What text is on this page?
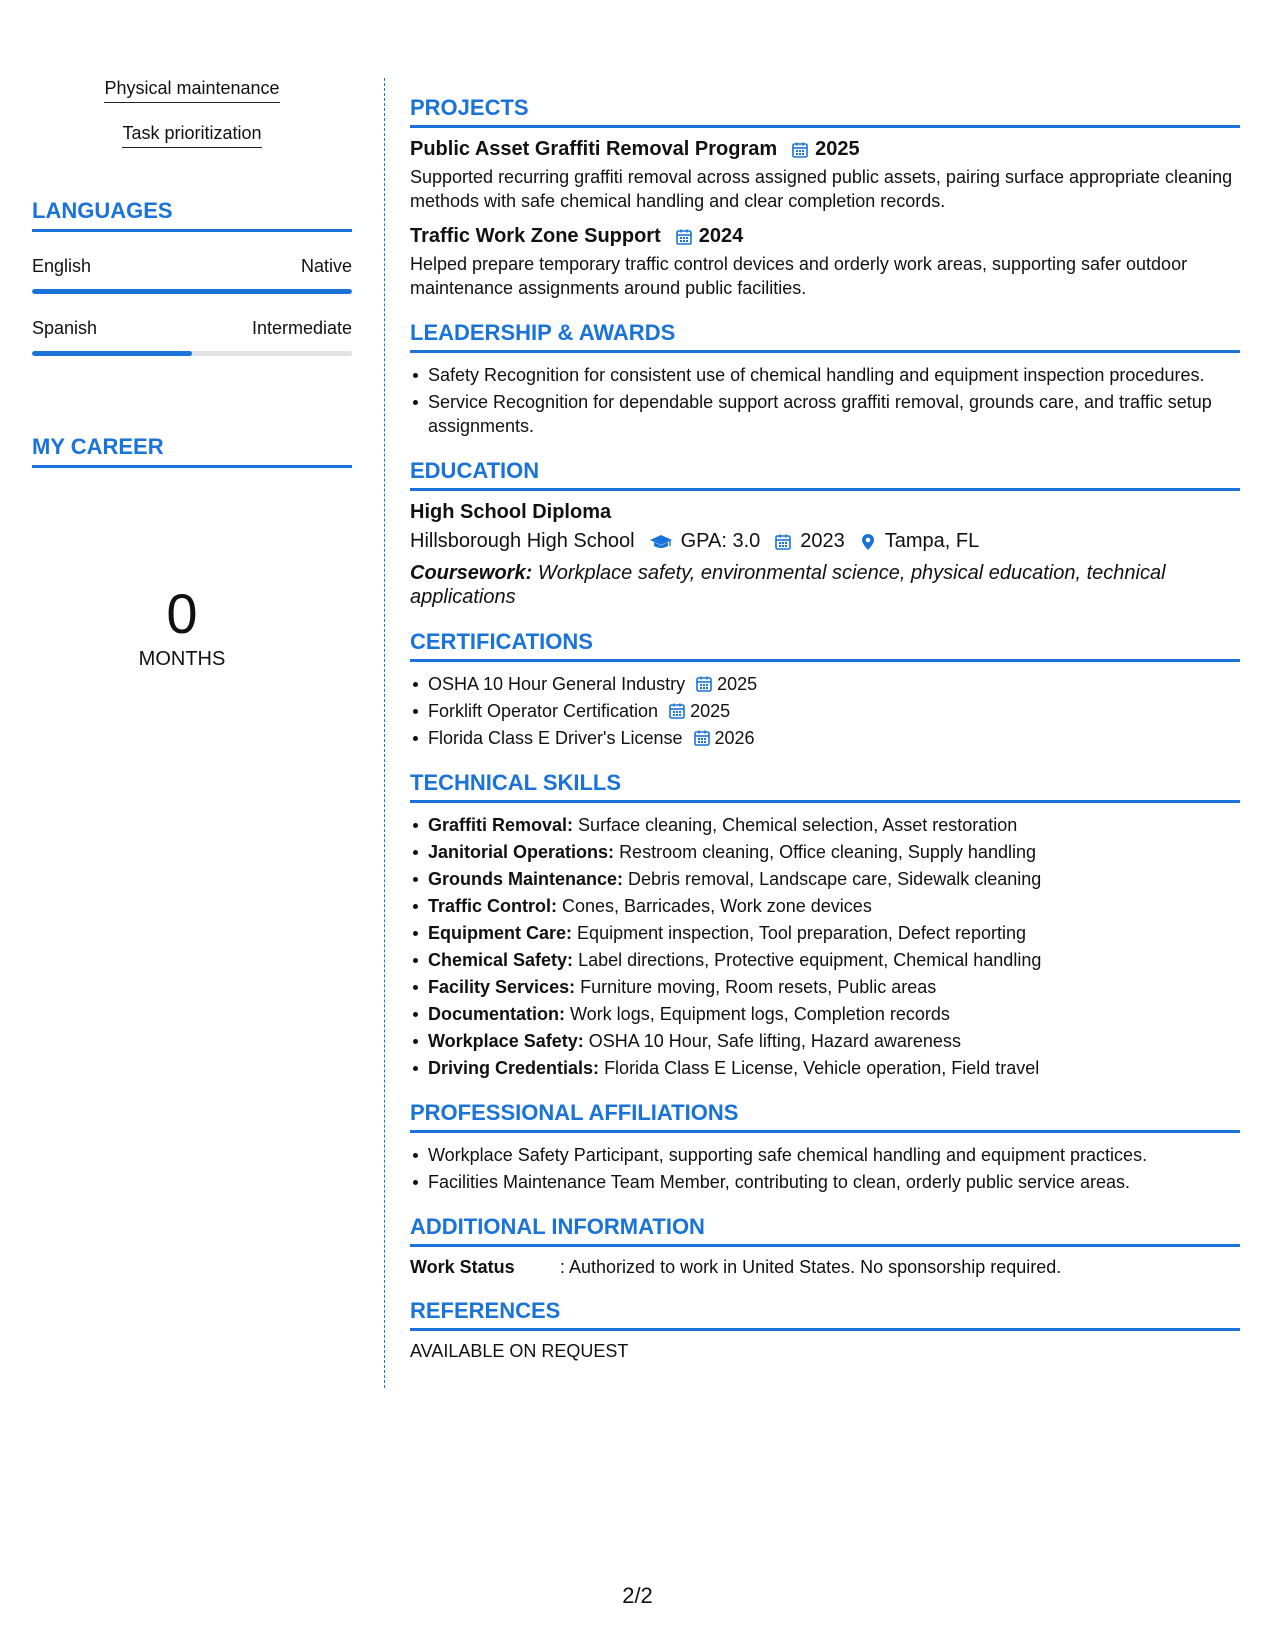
Physical maintenance
Task prioritization
LANGUAGES
English	Native
Spanish	Intermediate
MY CAREER
0
MONTHS
PROJECTS
Public Asset Graffiti Removal Program 2025
Supported recurring graffiti removal across assigned public assets, pairing surface appropriate cleaning methods with safe chemical handling and clear completion records.
Traffic Work Zone Support 2024
Helped prepare temporary traffic control devices and orderly work areas, supporting safer outdoor maintenance assignments around public facilities.
LEADERSHIP & AWARDS
Safety Recognition for consistent use of chemical handling and equipment inspection procedures.
Service Recognition for dependable support across graffiti removal, grounds care, and traffic setup assignments.
EDUCATION
High School Diploma
Hillsborough High School GPA: 3.0 2023 Tampa, FL
Coursework: Workplace safety, environmental science, physical education, technical applications
CERTIFICATIONS
OSHA 10 Hour General Industry 2025
Forklift Operator Certification 2025
Florida Class E Driver's License 2026
TECHNICAL SKILLS
Graffiti Removal: Surface cleaning, Chemical selection, Asset restoration
Janitorial Operations: Restroom cleaning, Office cleaning, Supply handling
Grounds Maintenance: Debris removal, Landscape care, Sidewalk cleaning
Traffic Control: Cones, Barricades, Work zone devices
Equipment Care: Equipment inspection, Tool preparation, Defect reporting
Chemical Safety: Label directions, Protective equipment, Chemical handling
Facility Services: Furniture moving, Room resets, Public areas
Documentation: Work logs, Equipment logs, Completion records
Workplace Safety: OSHA 10 Hour, Safe lifting, Hazard awareness
Driving Credentials: Florida Class E License, Vehicle operation, Field travel
PROFESSIONAL AFFILIATIONS
Workplace Safety Participant, supporting safe chemical handling and equipment practices.
Facilities Maintenance Team Member, contributing to clean, orderly public service areas.
ADDITIONAL INFORMATION
Work Status	: Authorized to work in United States. No sponsorship required.
REFERENCES
AVAILABLE ON REQUEST
2/2
